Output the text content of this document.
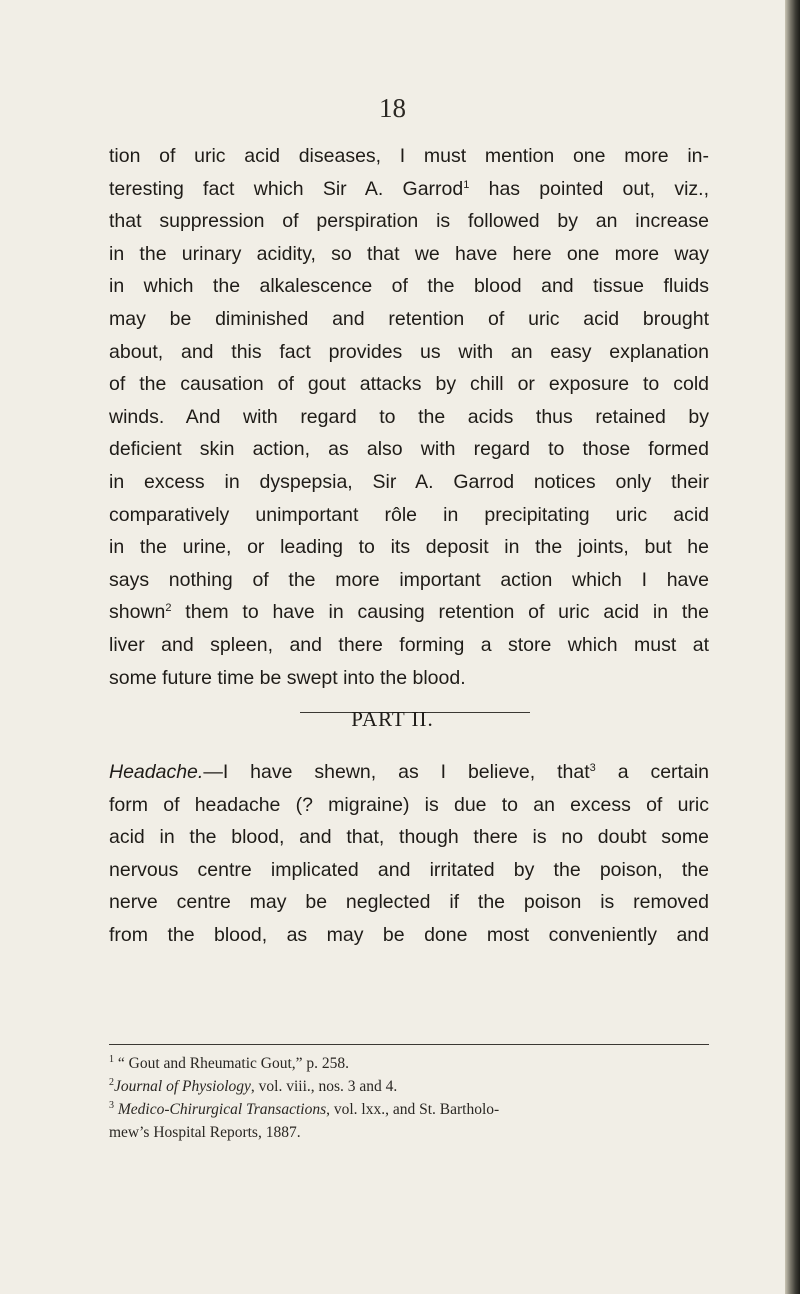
18
tion of uric acid diseases, I must mention one more in-
teresting fact which Sir A. Garrod$^1$ has pointed out, viz.,
that suppression of perspiration is followed by an increase
in the urinary acidity, so that we have here one more way
in which the alkalescence of the blood and tissue fluids
may be diminished and retention of uric acid brought
about, and this fact provides us with an easy explanation
of the causation of gout attacks by chill or exposure to cold
winds. And with regard to the acids thus retained by
deficient skin action, as also with regard to those formed
in excess in dyspepsia, Sir A. Garrod notices only their
comparatively unimportant rôle in precipitating uric acid
in the urine, or leading to its deposit in the joints, but he
says nothing of the more important action which I have
shown$^2$ them to have in causing retention of uric acid in the
liver and spleen, and there forming a store which must at
some future time be swept into the blood.
PART II.
Headache.—I have shewn, as I believe, that$^3$ a certain
form of headache (? migraine) is due to an excess of uric
acid in the blood, and that, though there is no doubt some
nervous centre implicated and irritated by the poison, the
nerve centre may be neglected if the poison is removed
from the blood, as may be done most conveniently and
$^1$ “ Gout and Rheumatic Gout,” p. 258.
$^2$Journal of Physiology, vol. viii., nos. 3 and 4.
$^3$ Medico-Chirurgical Transactions, vol. lxx., and St. Bartholo-
mew’s Hospital Reports, 1887.
